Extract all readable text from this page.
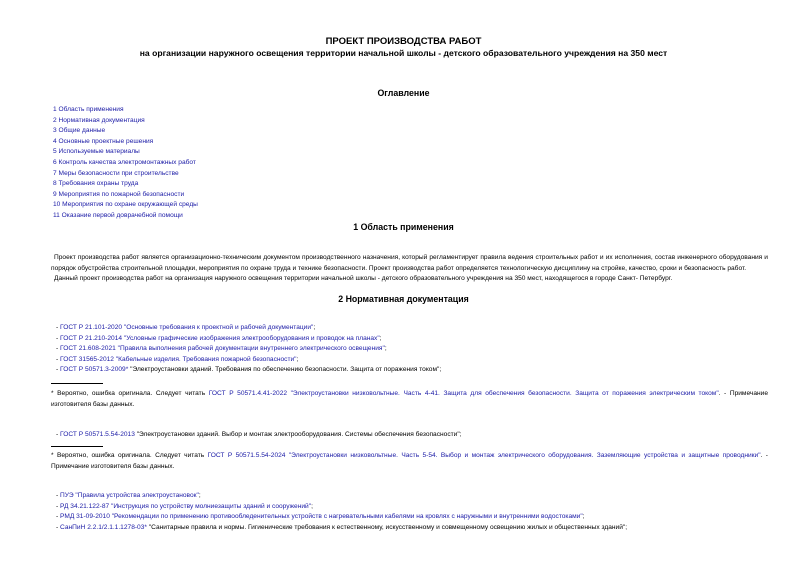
ПРОЕКТ ПРОИЗВОДСТВА РАБОТ
на организации наружного освещения территории начальной школы - детского образовательного учреждения на 350 мест
Оглавление
1 Область применения
2 Нормативная документация
3 Общие данные
4 Основные проектные решения
5 Используемые материалы
6 Контроль качества электромонтажных работ
7 Меры безопасности при строительстве
8 Требования охраны труда
9 Мероприятия по пожарной безопасности
10 Мероприятия по охране окружающей среды
11 Оказание первой доврачебной помощи
1 Область применения

Проект производства работ является организационно-техническим документом производственного назначения, который регламентирует правила ведения строительных работ и их исполнения, состав инженерного оборудования и порядок обустройства строительной площадки, мероприятия по охране труда и технике безопасности. Проект производства работ определяется технологическую дисциплину на стройке, качество, сроки и безопасность работ.

Данный проект производства работ на организация наружного освещения территории начальной школы - детского образовательного учреждения на 350 мест, находящегося в городе Санкт- Петербург.

2 Нормативная документация
- ГОСТ Р 21.101-2020 "Основные требования к проектной и рабочей документации";
- ГОСТ Р 21.210-2014 "Условные графические изображения электрооборудования и проводок на планах";
- ГОСТ 21.608-2021 "Правила выполнения рабочей документации внутреннего электрического освещения";
- ГОСТ 31565-2012 "Кабельные изделия. Требования пожарной безопасности";
- ГОСТ Р 50571.3-2009* "Электроустановки зданий. Требования по обеспечению безопасности. Защита от поражения током";
* Вероятно, ошибка оригинала. Следует читать ГОСТ Р 50571.4.41-2022 "Электроустановки низковольтные. Часть 4-41. Защита для обеспечения безопасности. Защита от поражения электрическим током". - Примечание изготовителя базы данных.
- ГОСТ Р 50571.5.54-2013 "Электроустановки зданий. Выбор и монтаж электрооборудования. Системы обеспечения безопасности";
* Вероятно, ошибка оригинала. Следует читать ГОСТ Р 50571.5.54-2024 "Электроустановки низковольтные. Часть 5-54. Выбор и монтаж электрического оборудования. Заземляющие устройства и защитные проводники". - Примечание изготовителя базы данных.
- ПУЭ "Правила устройства электроустановок";
- РД 34.21.122-87 "Инструкция по устройству молниезащиты зданий и сооружений";
- РМД 31-09-2010 "Рекомендации по применению противообледенительных устройств с нагревательными кабелями на кровлях с наружными и внутренними водостоками";
- СанПиН 2.2.1/2.1.1.1278-03* "Санитарные правила и нормы. Гигиенические требования к естественному, искусственному и совмещенному освещению жилых и общественных зданий";
